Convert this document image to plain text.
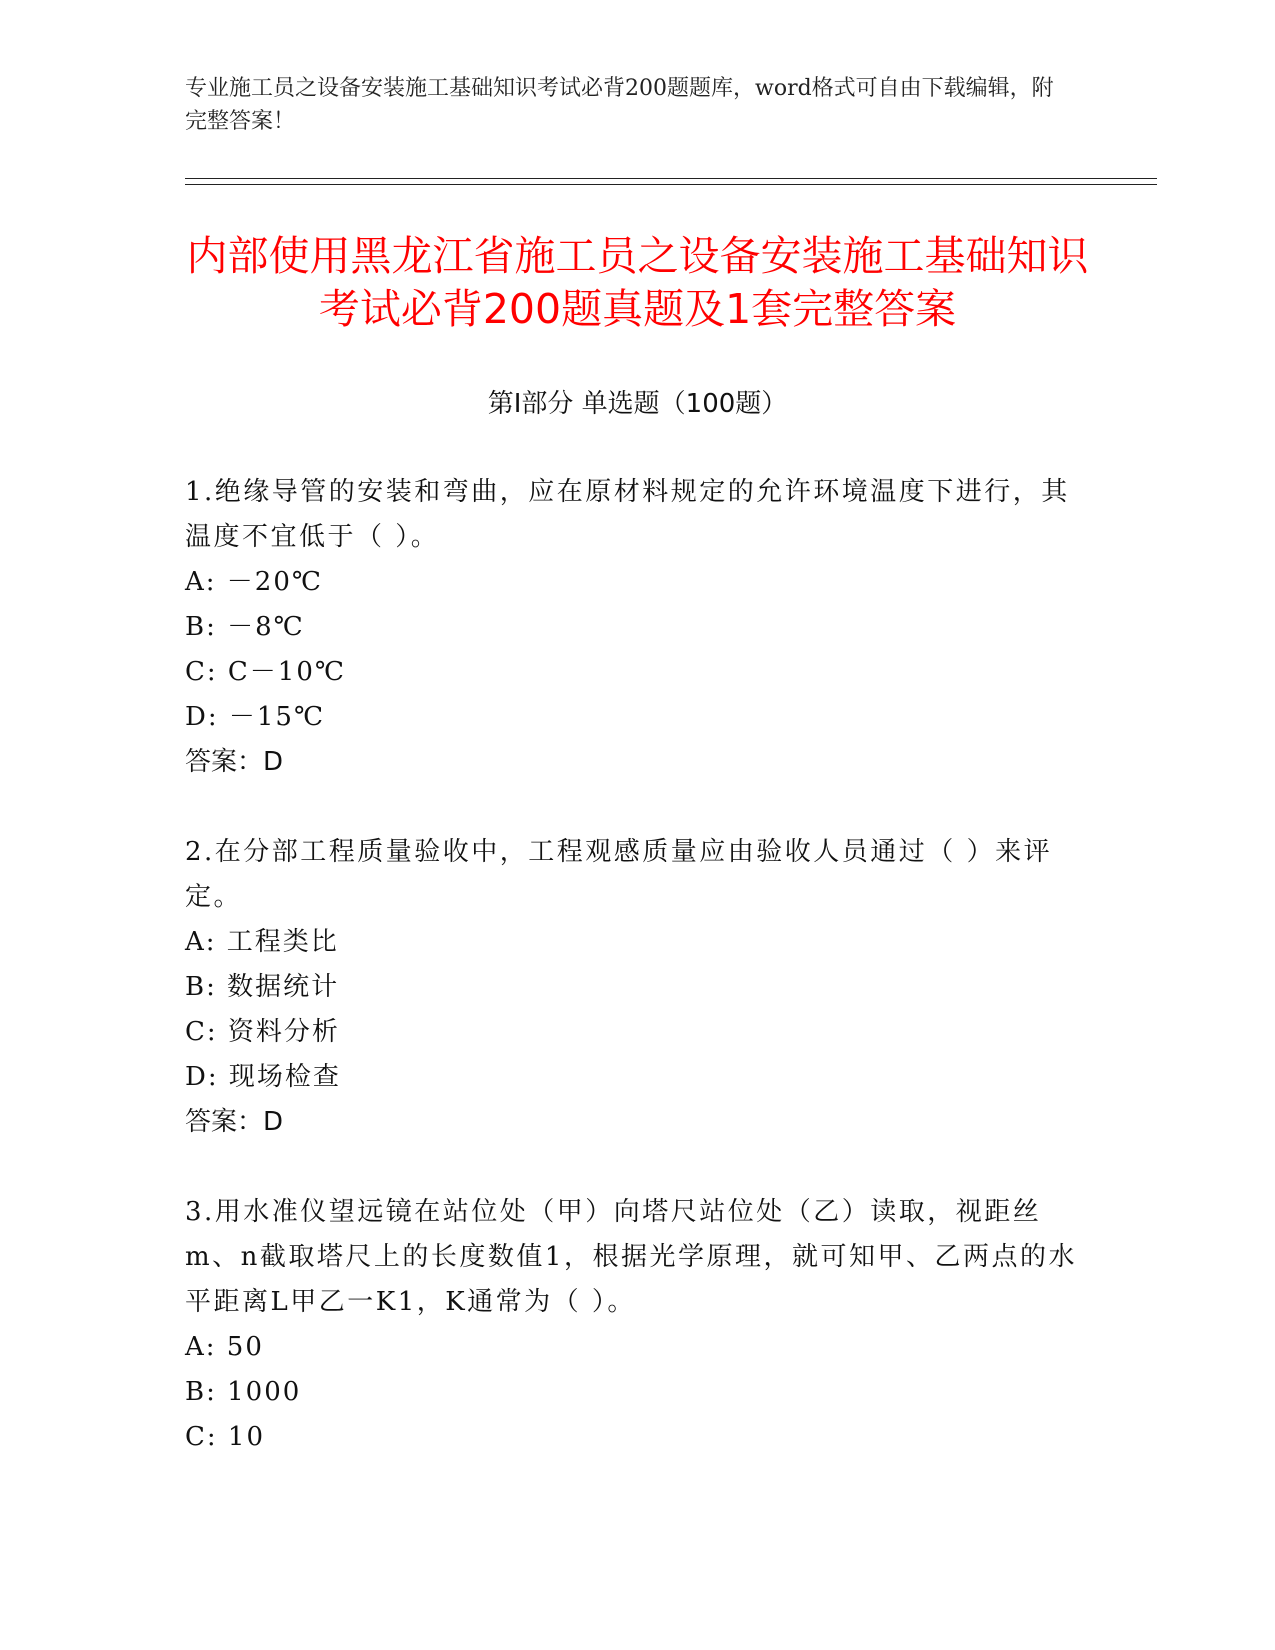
专业施工员之设备安装施工基础知识考试必背200题题库，word格式可自由下载编辑，附完整答案！

内部使用黑龙江省施工员之设备安装施工基础知识考试必背200题真题及1套完整答案
第Ⅰ部分 单选题（100题）

1.绝缘导管的安装和弯曲，应在原材料规定的允许环境温度下进行，其温度不宜低于（ ）。

A: －20℃
B: －8℃
C: C－10℃
D: －15℃

答案：D

2.在分部工程质量验收中，工程观感质量应由验收人员通过（ ）来评定。

A: 工程类比
B: 数据统计
C: 资料分析
D: 现场检查

答案：D

3.用水准仪望远镜在站位处（甲）向塔尺站位处（乙）读取，视距丝m、n截取塔尺上的长度数值1，根据光学原理，就可知甲、乙两点的水平距离L甲乙一K1，K通常为（ ）。

A: 50
B: 1000
C: 10
